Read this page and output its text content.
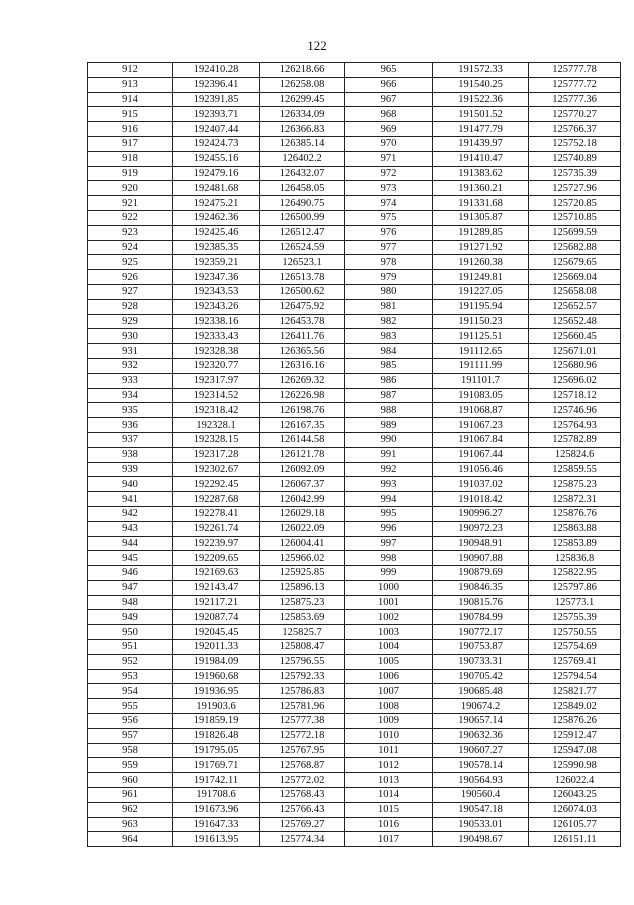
122
912	192410.28	126218.66	965	191572.33	125777.78
913	192396.41	126258.08	966	191540.25	125777.72
914	192391.85	126299.45	967	191522.36	125777.36
915	192393.71	126334.09	968	191501.52	125770.27
916	192407.44	126366.83	969	191477.79	125766.37
917	192424.73	126385.14	970	191439.97	125752.18
918	192455.16	126402.2	971	191410.47	125740.89
919	192479.16	126432.07	972	191383.62	125735.39
920	192481.68	126458.05	973	191360.21	125727.96
921	192475.21	126490.75	974	191331.68	125720.85
922	192462.36	126500.99	975	191305.87	125710.85
923	192425.46	126512.47	976	191289.85	125699.59
924	192385.35	126524.59	977	191271.92	125682.88
925	192359.21	126523.1	978	191260.38	125679.65
926	192347.36	126513.78	979	191249.81	125669.04
927	192343.53	126500.62	980	191227.05	125658.08
928	192343.26	126475.92	981	191195.94	125652.57
929	192338.16	126453.78	982	191150.23	125652.48
930	192333.43	126411.76	983	191125.51	125660.45
931	192328.38	126365.56	984	191112.65	125671.01
932	192320.77	126316.16	985	191111.99	125680.96
933	192317.97	126269.32	986	191101.7	125696.02
934	192314.52	126226.98	987	191083.05	125718.12
935	192318.42	126198.76	988	191068.87	125746.96
936	192328.1	126167.35	989	191067.23	125764.93
937	192328.15	126144.58	990	191067.84	125782.89
938	192317.28	126121.78	991	191067.44	125824.6
939	192302.67	126092.09	992	191056.46	125859.55
940	192292.45	126067.37	993	191037.02	125875.23
941	192287.68	126042.99	994	191018.42	125872.31
942	192278.41	126029.18	995	190996.27	125876.76
943	192261.74	126022.09	996	190972.23	125863.88
944	192239.97	126004.41	997	190948.91	125853.89
945	192209.65	125966.02	998	190907.88	125836.8
946	192169.63	125925.85	999	190879.69	125822.95
947	192143.47	125896.13	1000	190846.35	125797.86
948	192117.21	125875.23	1001	190815.76	125773.1
949	192087.74	125853.69	1002	190784.99	125755.39
950	192045.45	125825.7	1003	190772.17	125750.55
951	192011.33	125808.47	1004	190753.87	125754.69
952	191984.09	125796.55	1005	190733.31	125769.41
953	191960.68	125792.33	1006	190705.42	125794.54
954	191936.95	125786.83	1007	190685.48	125821.77
955	191903.6	125781.96	1008	190674.2	125849.02
956	191859.19	125777.38	1009	190657.14	125876.26
957	191826.48	125772.18	1010	190632.36	125912.47
958	191795.05	125767.95	1011	190607.27	125947.08
959	191769.71	125768.87	1012	190578.14	125990.98
960	191742.11	125772.02	1013	190564.93	126022.4
961	191708.6	125768.43	1014	190560.4	126043.25
962	191673.96	125766.43	1015	190547.18	126074.03
963	191647.33	125769.27	1016	190533.01	126105.77
964	191613.95	125774.34	1017	190498.67	126151.11
